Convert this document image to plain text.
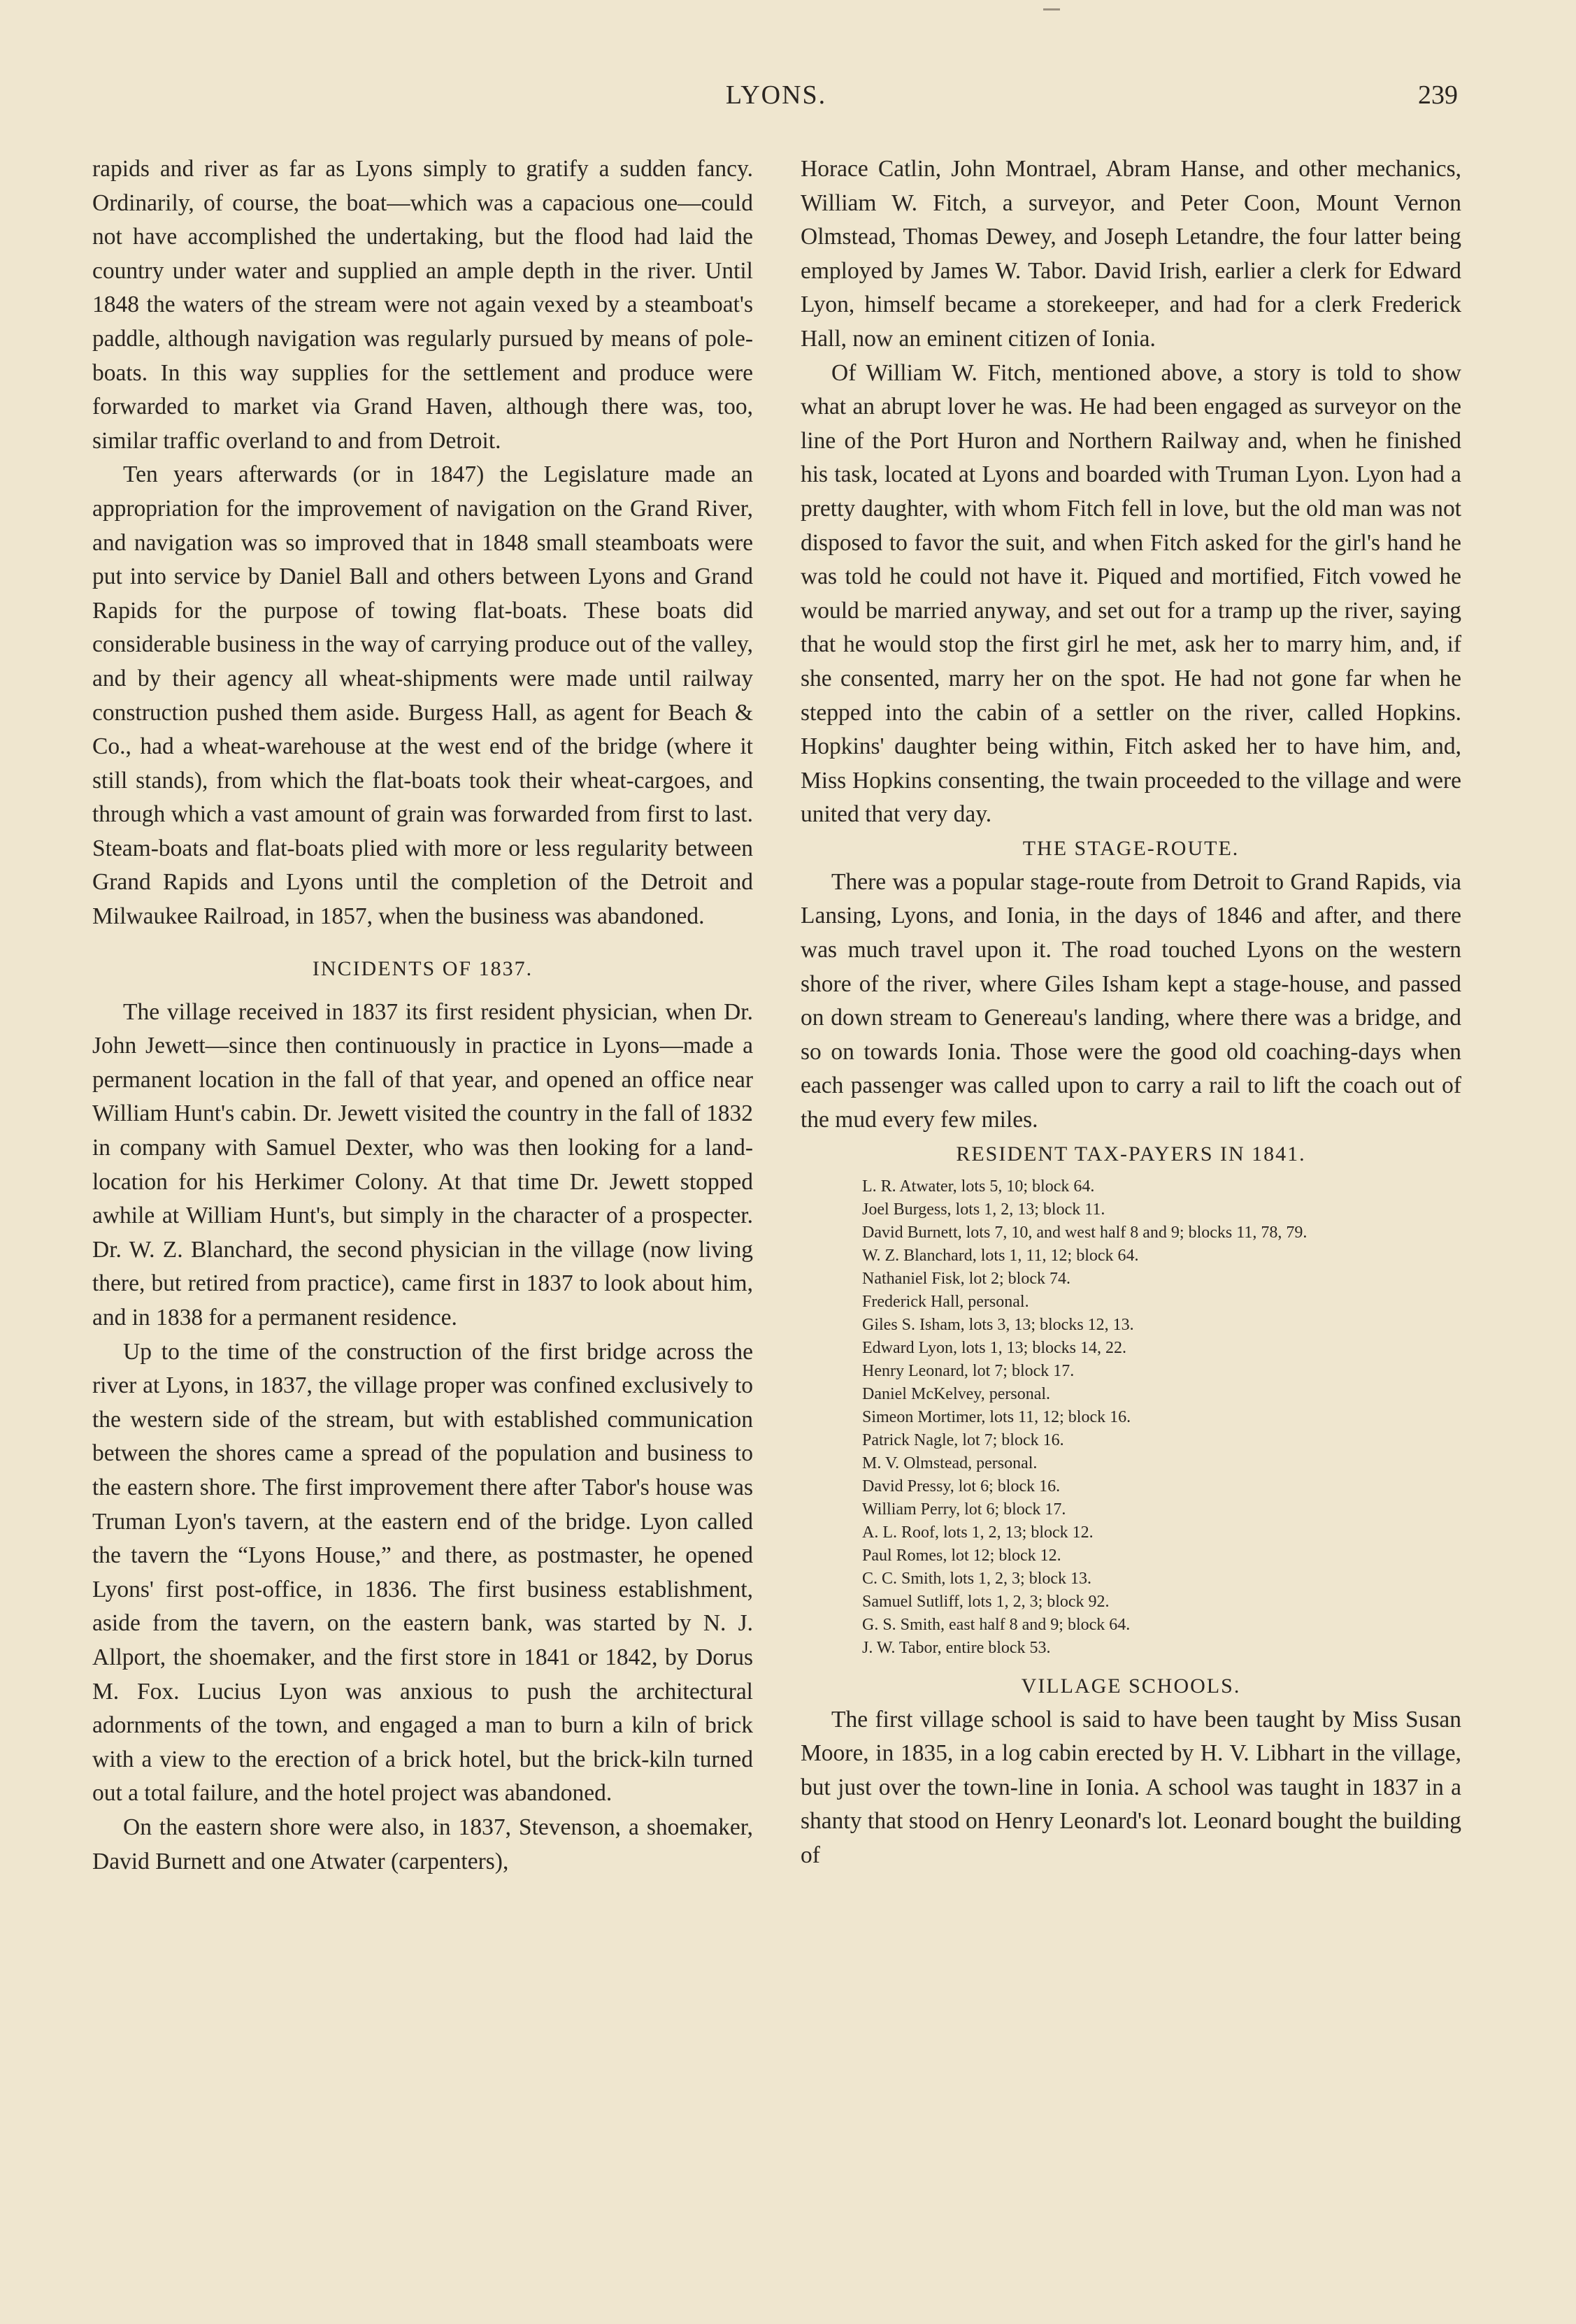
LYONS.	239

rapids and river as far as Lyons simply to gratify a sudden fancy. Ordinarily, of course, the boat—which was a capacious one—could not have accomplished the undertaking, but the flood had laid the country under water and supplied an ample depth in the river. Until 1848 the waters of the stream were not again vexed by a steamboat's paddle, although navigation was regularly pursued by means of pole-boats. In this way supplies for the settlement and produce were forwarded to market via Grand Haven, although there was, too, similar traffic overland to and from Detroit.

Ten years afterwards (or in 1847) the Legislature made an appropriation for the improvement of navigation on the Grand River, and navigation was so improved that in 1848 small steamboats were put into service by Daniel Ball and others between Lyons and Grand Rapids for the purpose of towing flat-boats. These boats did considerable business in the way of carrying produce out of the valley, and by their agency all wheat-shipments were made until railway construction pushed them aside. Burgess Hall, as agent for Beach & Co., had a wheat-warehouse at the west end of the bridge (where it still stands), from which the flat-boats took their wheat-cargoes, and through which a vast amount of grain was forwarded from first to last. Steam-boats and flat-boats plied with more or less regularity between Grand Rapids and Lyons until the completion of the Detroit and Milwaukee Railroad, in 1857, when the business was abandoned.

INCIDENTS OF 1837.

The village received in 1837 its first resident physician, when Dr. John Jewett—since then continuously in practice in Lyons—made a permanent location in the fall of that year, and opened an office near William Hunt's cabin. Dr. Jewett visited the country in the fall of 1832 in company with Samuel Dexter, who was then looking for a land-location for his Herkimer Colony. At that time Dr. Jewett stopped awhile at William Hunt's, but simply in the character of a prospecter. Dr. W. Z. Blanchard, the second physician in the village (now living there, but retired from practice), came first in 1837 to look about him, and in 1838 for a permanent residence.

Up to the time of the construction of the first bridge across the river at Lyons, in 1837, the village proper was confined exclusively to the western side of the stream, but with established communication between the shores came a spread of the population and business to the eastern shore. The first improvement there after Tabor's house was Truman Lyon's tavern, at the eastern end of the bridge. Lyon called the tavern the “Lyons House,” and there, as postmaster, he opened Lyons' first post-office, in 1836. The first business establishment, aside from the tavern, on the eastern bank, was started by N. J. Allport, the shoemaker, and the first store in 1841 or 1842, by Dorus M. Fox. Lucius Lyon was anxious to push the architectural adornments of the town, and engaged a man to burn a kiln of brick with a view to the erection of a brick hotel, but the brick-kiln turned out a total failure, and the hotel project was abandoned.

On the eastern shore were also, in 1837, Stevenson, a shoemaker, David Burnett and one Atwater (carpenters),

Horace Catlin, John Montrael, Abram Hanse, and other mechanics, William W. Fitch, a surveyor, and Peter Coon, Mount Vernon Olmstead, Thomas Dewey, and Joseph Letandre, the four latter being employed by James W. Tabor. David Irish, earlier a clerk for Edward Lyon, himself became a storekeeper, and had for a clerk Frederick Hall, now an eminent citizen of Ionia.

Of William W. Fitch, mentioned above, a story is told to show what an abrupt lover he was. He had been engaged as surveyor on the line of the Port Huron and Northern Railway and, when he finished his task, located at Lyons and boarded with Truman Lyon. Lyon had a pretty daughter, with whom Fitch fell in love, but the old man was not disposed to favor the suit, and when Fitch asked for the girl's hand he was told he could not have it. Piqued and mortified, Fitch vowed he would be married anyway, and set out for a tramp up the river, saying that he would stop the first girl he met, ask her to marry him, and, if she consented, marry her on the spot. He had not gone far when he stepped into the cabin of a settler on the river, called Hopkins. Hopkins' daughter being within, Fitch asked her to have him, and, Miss Hopkins consenting, the twain proceeded to the village and were united that very day.

THE STAGE-ROUTE.

There was a popular stage-route from Detroit to Grand Rapids, via Lansing, Lyons, and Ionia, in the days of 1846 and after, and there was much travel upon it. The road touched Lyons on the western shore of the river, where Giles Isham kept a stage-house, and passed on down stream to Genereau's landing, where there was a bridge, and so on towards Ionia. Those were the good old coaching-days when each passenger was called upon to carry a rail to lift the coach out of the mud every few miles.

RESIDENT TAX-PAYERS IN 1841.
L. R. Atwater, lots 5, 10; block 64.
Joel Burgess, lots 1, 2, 13; block 11.
David Burnett, lots 7, 10, and west half 8 and 9; blocks 11, 78, 79.
W. Z. Blanchard, lots 1, 11, 12; block 64.
Nathaniel Fisk, lot 2; block 74.
Frederick Hall, personal.
Giles S. Isham, lots 3, 13; blocks 12, 13.
Edward Lyon, lots 1, 13; blocks 14, 22.
Henry Leonard, lot 7; block 17.
Daniel McKelvey, personal.
Simeon Mortimer, lots 11, 12; block 16.
Patrick Nagle, lot 7; block 16.
M. V. Olmstead, personal.
David Pressy, lot 6; block 16.
William Perry, lot 6; block 17.
A. L. Roof, lots 1, 2, 13; block 12.
Paul Romes, lot 12; block 12.
C. C. Smith, lots 1, 2, 3; block 13.
Samuel Sutliff, lots 1, 2, 3; block 92.
G. S. Smith, east half 8 and 9; block 64.
J. W. Tabor, entire block 53.
VILLAGE SCHOOLS.

The first village school is said to have been taught by Miss Susan Moore, in 1835, in a log cabin erected by H. V. Libhart in the village, but just over the town-line in Ionia. A school was taught in 1837 in a shanty that stood on Henry Leonard's lot. Leonard bought the building of
